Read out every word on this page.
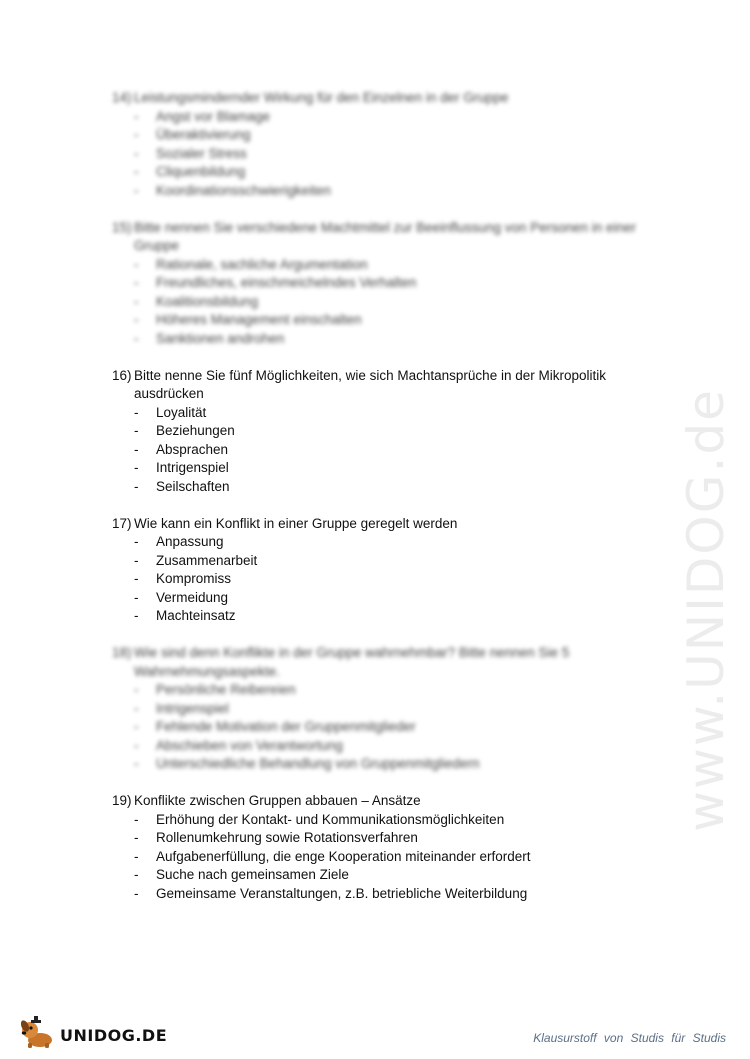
www.UNIDOG.de
14) Leistungsmindernder Wirkung für den Einzelnen in der Gruppe
-	Angst vor Blamage
-	Überaktivierung
-	Sozialer Stress
-	Cliquenbildung
-	Koordinationsschwierigkeiten
15) Bitte nennen Sie verschiedene Machtmittel zur Beeinflussung von Personen in einer
Gruppe
-	Rationale, sachliche Argumentation
-	Freundliches, einschmeichelndes Verhalten
-	Koalitionsbildung
-	Höheres Management einschalten
-	Sanktionen androhen
16) Bitte nenne Sie fünf Möglichkeiten, wie sich Machtansprüche in der Mikropolitik
ausdrücken
-	Loyalität
-	Beziehungen
-	Absprachen
-	Intrigenspiel
-	Seilschaften
17) Wie kann ein Konflikt in einer Gruppe geregelt werden
-	Anpassung
-	Zusammenarbeit
-	Kompromiss
-	Vermeidung
-	Machteinsatz
18) Wie sind denn Konflikte in der Gruppe wahrnehmbar? Bitte nennen Sie 5
Wahrnehmungsaspekte.
-	Persönliche Reibereien
-	Intrigenspiel
-	Fehlende Motivation der Gruppenmitglieder
-	Abschieben von Verantwortung
-	Unterschiedliche Behandlung von Gruppenmitgliedern
19) Konflikte zwischen Gruppen abbauen – Ansätze
-	Erhöhung der Kontakt- und Kommunikationsmöglichkeiten
-	Rollenumkehrung sowie Rotationsverfahren
-	Aufgabenerfüllung, die enge Kooperation miteinander erfordert
-	Suche nach gemeinsamen Ziele
-	Gemeinsame Veranstaltungen, z.B. betriebliche Weiterbildung
UNIDOG.DE	Klausurstoff von Studis für Studis
